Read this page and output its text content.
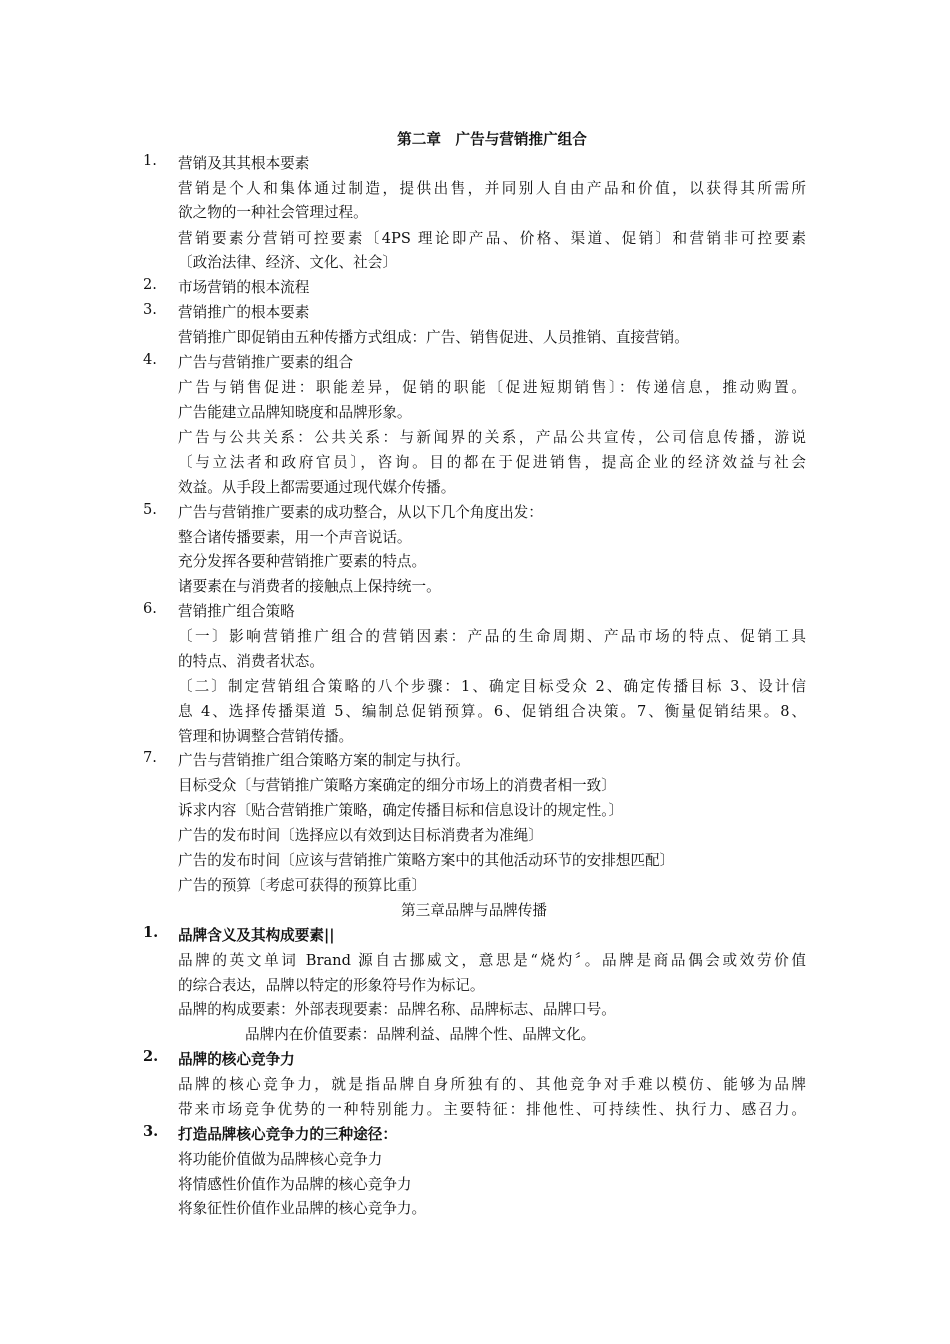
第二章　广告与营销推广组合
1. 营销及其其根本要素
营销是个人和集体通过制造，提供出售，并同别人自由产品和价值，以获得其所需所
欲之物的一种社会管理过程。
营销要素分营销可控要素〔4PS 理论即产品、价格、渠道、促销〕和营销非可控要素
〔政治法律、经济、文化、社会〕
2. 市场营销的根本流程
3. 营销推广的根本要素
营销推广即促销由五种传播方式组成：广告、销售促进、人员推销、直接营销。
4. 广告与营销推广要素的组合
广告与销售促进：职能差异，促销的职能〔促进短期销售〕：传递信息，推动购置。
广告能建立品牌知晓度和品牌形象。
广告与公共关系：公共关系：与新闻界的关系，产品公共宣传，公司信息传播，游说
〔与立法者和政府官员〕，咨询。目的都在于促进销售，提高企业的经济效益与社会
效益。从手段上都需要通过现代媒介传播。
5. 广告与营销推广要素的成功整合，从以下几个角度出发：
整合诸传播要素，用一个声音说话。
充分发挥各要种营销推广要素的特点。
诸要素在与消费者的接触点上保持统一。
6. 营销推广组合策略
〔一〕影响营销推广组合的营销因素：产品的生命周期、产品市场的特点、促销工具
的特点、消费者状态。
〔二〕制定营销组合策略的八个步骤：1、确定目标受众 2、确定传播目标 3、设计信
息 4、选择传播渠道 5、编制总促销预算。6、促销组合决策。7、衡量促销结果。8、
管理和协调整合营销传播。
7. 广告与营销推广组合策略方案的制定与执行。
目标受众〔与营销推广策略方案确定的细分市场上的消费者相一致〕
诉求内容〔贴合营销推广策略，确定传播目标和信息设计的规定性。〕
广告的发布时间〔选择应以有效到达目标消费者为准绳〕
广告的发布时间〔应该与营销推广策略方案中的其他活动环节的安排想匹配〕
广告的预算〔考虑可获得的预算比重〕
第三章品牌与品牌传播
1. 品牌含义及其构成要素||
品牌的英文单词 Brand 源自古挪威文，意思是“烧灼〞。品牌是商品偶会或效劳价值
的综合表达，品牌以特定的形象符号作为标记。
品牌的构成要素：外部表现要素：品牌名称、品牌标志、品牌口号。
品牌内在价值要素：品牌利益、品牌个性、品牌文化。
2. 品牌的核心竞争力
品牌的核心竞争力，就是指品牌自身所独有的、其他竞争对手难以模仿、能够为品牌
带来市场竞争优势的一种特别能力。主要特征：排他性、可持续性、执行力、感召力。
3. 打造品牌核心竞争力的三种途径：
将功能价值做为品牌核心竞争力
将情感性价值作为品牌的核心竞争力
将象征性价值作业品牌的核心竞争力。
